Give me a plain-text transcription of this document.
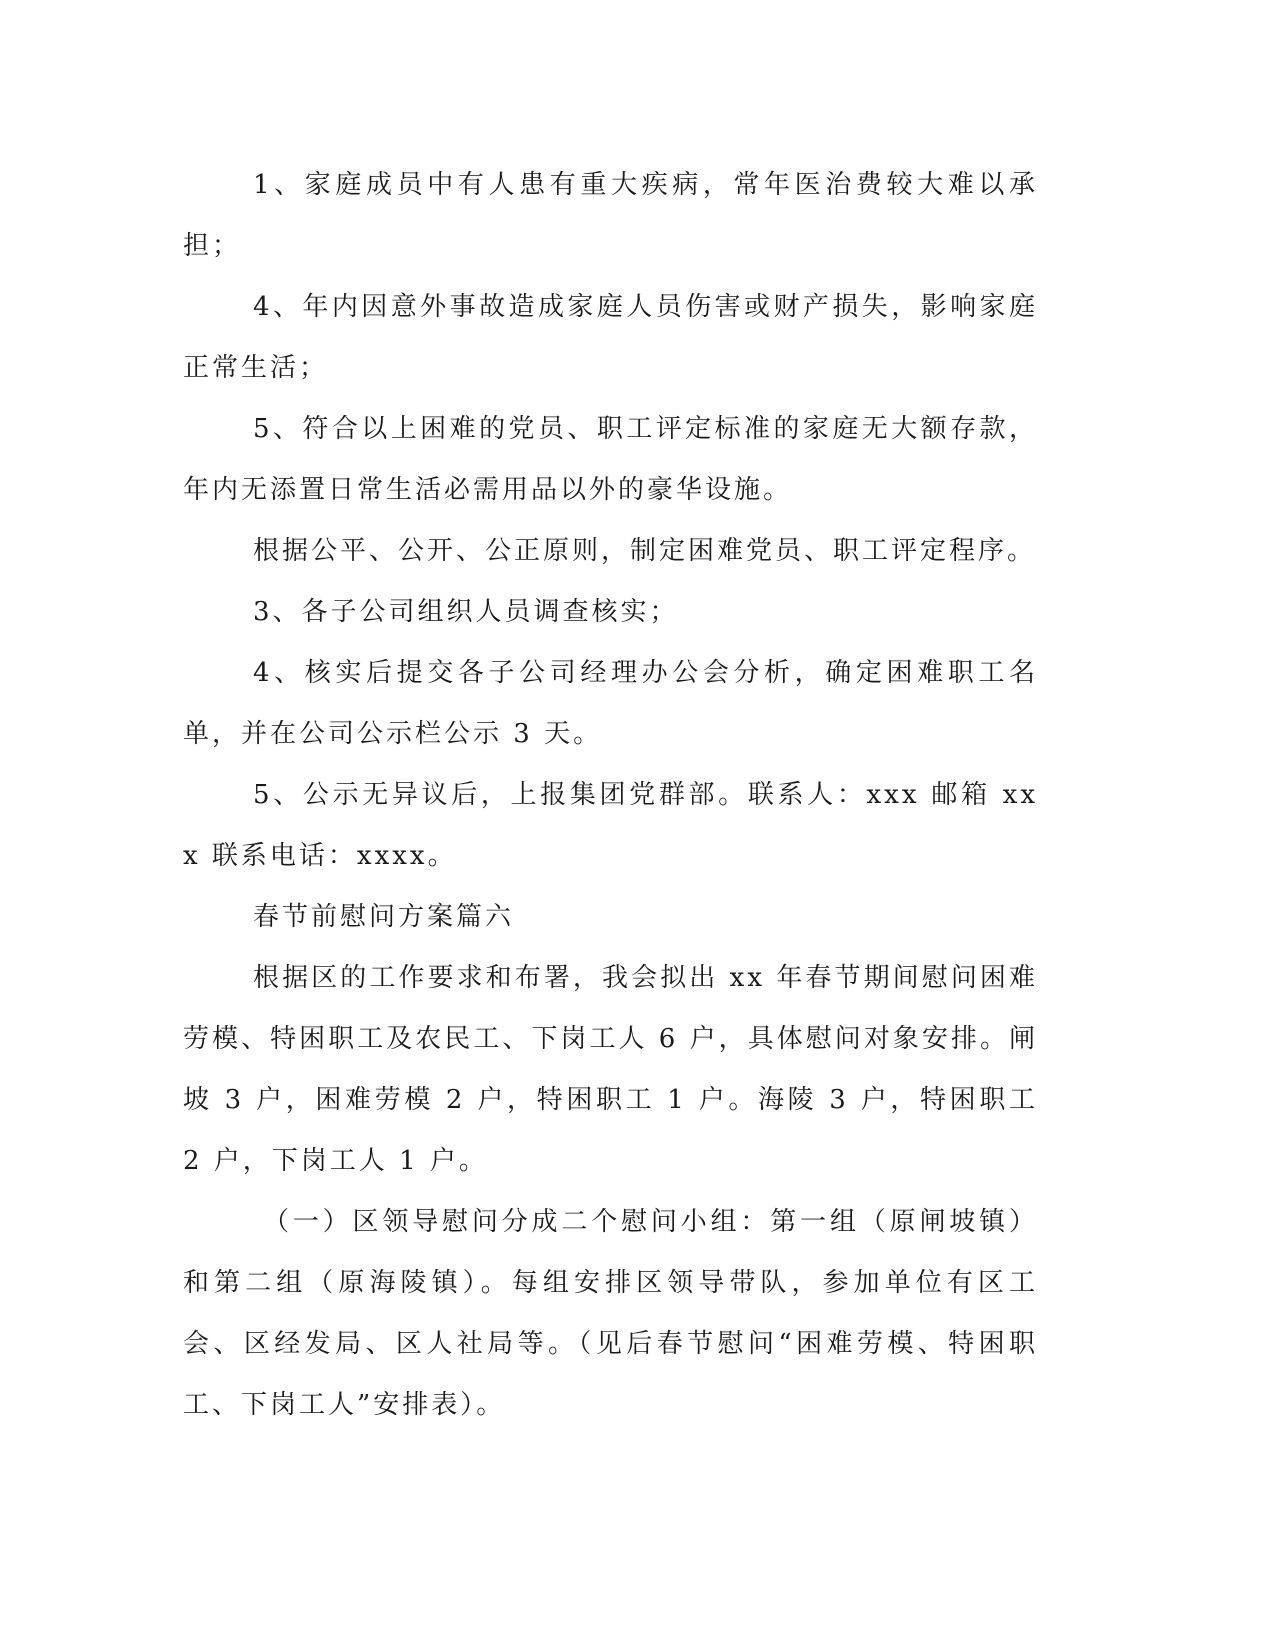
1、家庭成员中有人患有重大疾病，常年医治费较大难以承担；

4、年内因意外事故造成家庭人员伤害或财产损失，影响家庭正常生活；

5、符合以上困难的党员、职工评定标准的家庭无大额存款，年内无添置日常生活必需用品以外的豪华设施。

根据公平、公开、公正原则，制定困难党员、职工评定程序。

3、各子公司组织人员调查核实；

4、核实后提交各子公司经理办公会分析，确定困难职工名单，并在公司公示栏公示 3 天。

5、公示无异议后，上报集团党群部。联系人：xxx 邮箱 xxx 联系电话：xxxx。

春节前慰问方案篇六

根据区的工作要求和布署，我会拟出 xx 年春节期间慰问困难劳模、特困职工及农民工、下岗工人 6 户，具体慰问对象安排。闸坡 3 户，困难劳模 2 户，特困职工 1 户。海陵 3 户，特困职工 2 户，下岗工人 1 户。

（一）区领导慰问分成二个慰问小组：第一组（原闸坡镇）和第二组（原海陵镇）。每组安排区领导带队，参加单位有区工会、区经发局、区人社局等。（见后春节慰问“困难劳模、特困职工、下岗工人”安排表）。
